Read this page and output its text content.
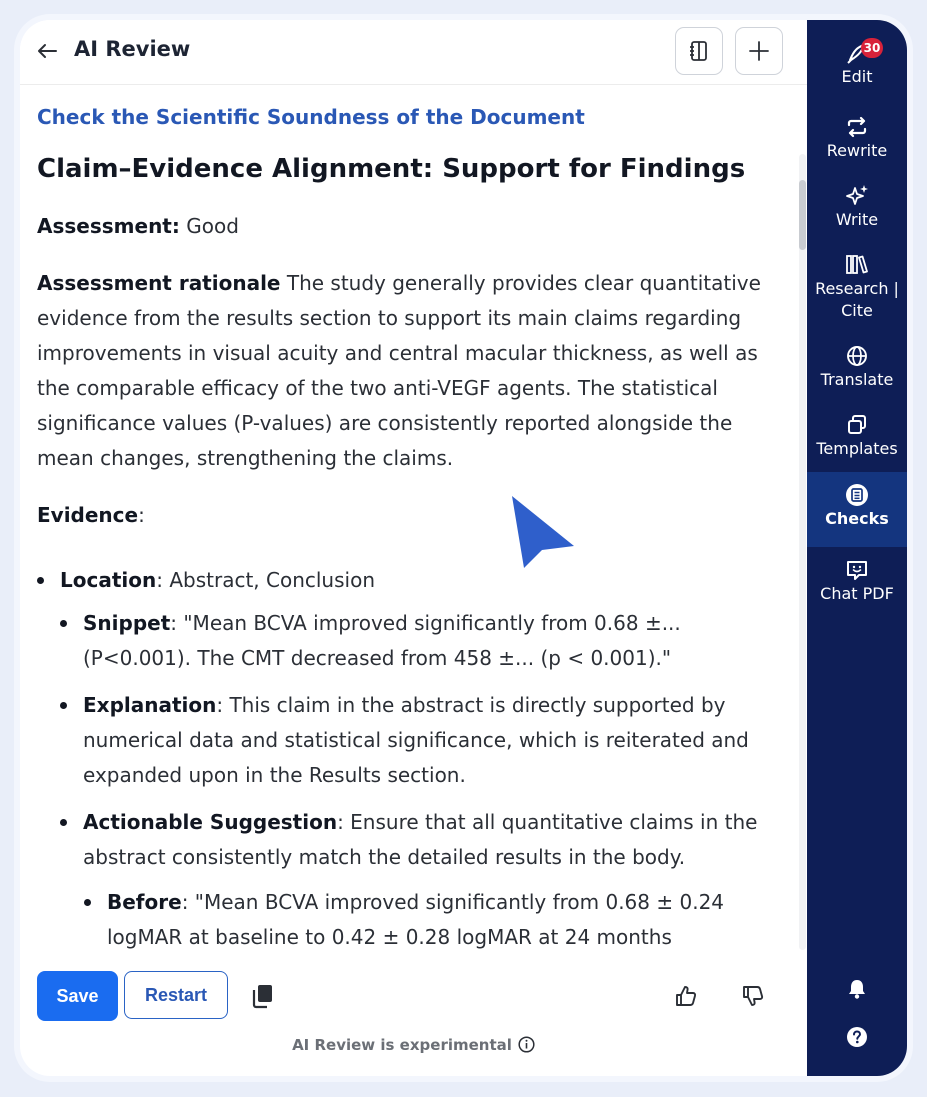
AI Review

Check the Scientific Soundness of the Document

Claim–Evidence Alignment: Support for Findings

Assessment: Good

Assessment rationale The study generally provides clear quantitative evidence from the results section to support its main claims regarding improvements in visual acuity and central macular thickness, as well as the comparable efficacy of the two anti-VEGF agents. The statistical significance values (P-values) are consistently reported alongside the mean changes, strengthening the claims.

Evidence:

Location: Abstract, Conclusion
Snippet: "Mean BCVA improved significantly from 0.68 ±... (P<0.001). The CMT decreased from 458 ±... (p < 0.001)."
Explanation: This claim in the abstract is directly supported by numerical data and statistical significance, which is reiterated and expanded upon in the Results section.
Actionable Suggestion: Ensure that all quantitative claims in the abstract consistently match the detailed results in the body.
Before: "Mean BCVA improved significantly from 0.68 ± 0.24 logMAR at baseline to 0.42 ± 0.28 logMAR at 24 months
Save	Restart
AI Review is experimental
Edit
30
Rewrite
Write
Research |
Cite
Translate
Templates
Checks
Chat PDF
